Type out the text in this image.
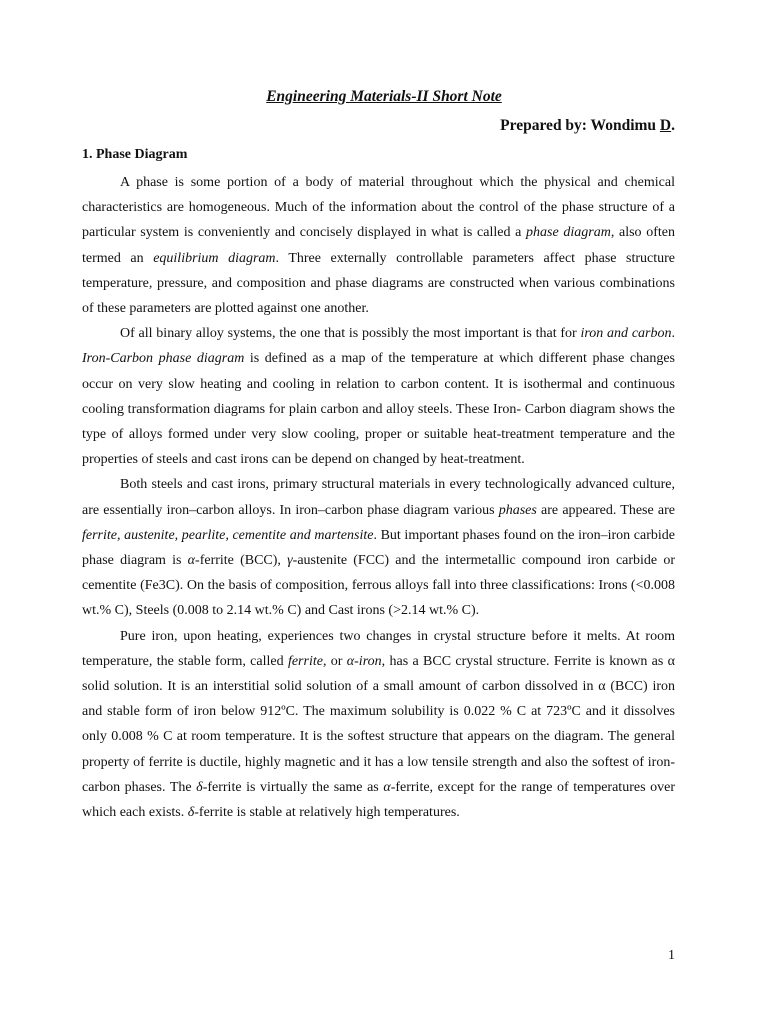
Engineering Materials-II Short Note
Prepared by: Wondimu D.
1. Phase Diagram

A phase is some portion of a body of material throughout which the physical and chemical characteristics are homogeneous. Much of the information about the control of the phase structure of a particular system is conveniently and concisely displayed in what is called a phase diagram, also often termed an equilibrium diagram. Three externally controllable parameters affect phase structure temperature, pressure, and composition and phase diagrams are constructed when various combinations of these parameters are plotted against one another.

Of all binary alloy systems, the one that is possibly the most important is that for iron and carbon. Iron-Carbon phase diagram is defined as a map of the temperature at which different phase changes occur on very slow heating and cooling in relation to carbon content. It is isothermal and continuous cooling transformation diagrams for plain carbon and alloy steels. These Iron- Carbon diagram shows the type of alloys formed under very slow cooling, proper or suitable heat-treatment temperature and the properties of steels and cast irons can be depend on changed by heat-treatment.

Both steels and cast irons, primary structural materials in every technologically advanced culture, are essentially iron–carbon alloys. In iron–carbon phase diagram various phases are appeared. These are ferrite, austenite, pearlite, cementite and martensite. But important phases found on the iron–iron carbide phase diagram is α-ferrite (BCC), γ-austenite (FCC) and the intermetallic compound iron carbide or cementite (Fe3C). On the basis of composition, ferrous alloys fall into three classifications: Irons (<0.008 wt.% C), Steels (0.008 to 2.14 wt.% C) and Cast irons (>2.14 wt.% C).

Pure iron, upon heating, experiences two changes in crystal structure before it melts. At room temperature, the stable form, called ferrite, or α-iron, has a BCC crystal structure. Ferrite is known as α solid solution. It is an interstitial solid solution of a small amount of carbon dissolved in α (BCC) iron and stable form of iron below 912ºC. The maximum solubility is 0.022 % C at 723ºC and it dissolves only 0.008 % C at room temperature. It is the softest structure that appears on the diagram. The general property of ferrite is ductile, highly magnetic and it has a low tensile strength and also the softest of iron-carbon phases. The δ-ferrite is virtually the same as α-ferrite, except for the range of temperatures over which each exists. δ-ferrite is stable at relatively high temperatures.

1
